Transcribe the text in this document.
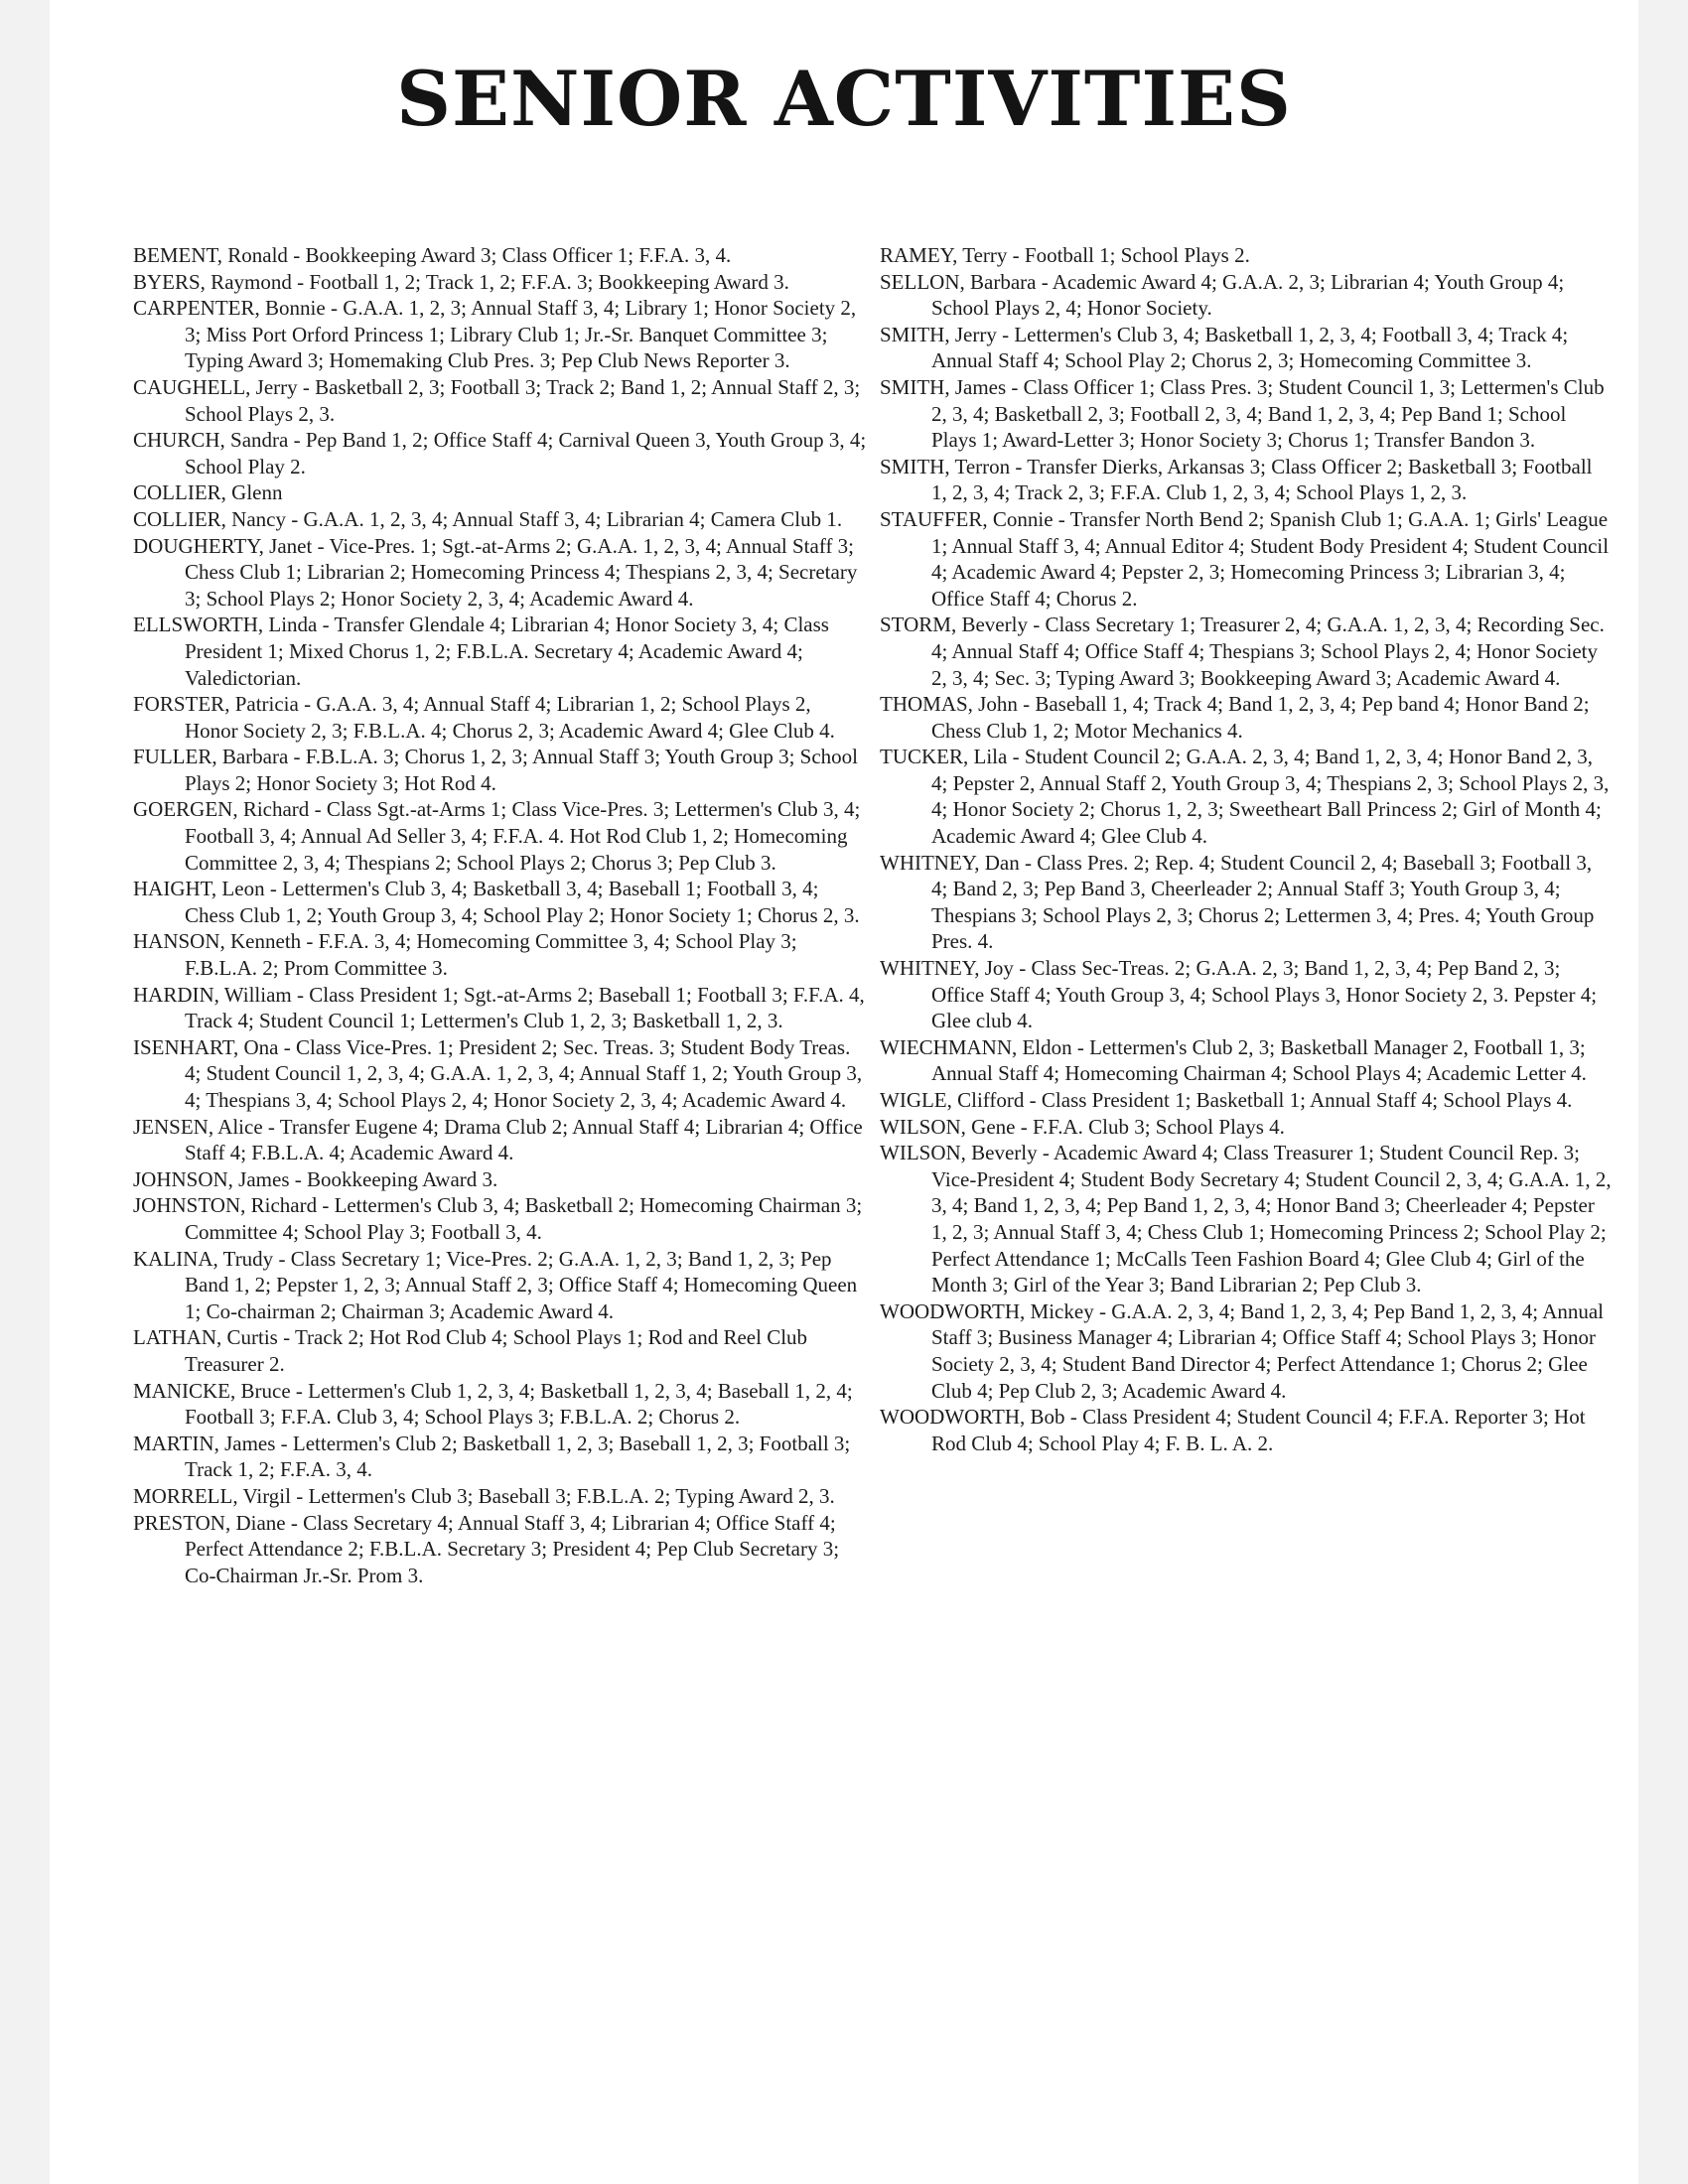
SENIOR ACTIVITIES

BEMENT, Ronald - Bookkeeping Award 3; Class Officer 1; F.F.A. 3, 4.

BYERS, Raymond - Football 1, 2; Track 1, 2; F.F.A. 3; Bookkeeping Award 3.

CARPENTER, Bonnie - G.A.A. 1, 2, 3; Annual Staff 3, 4; Library 1; Honor Society 2, 3; Miss Port Orford Princess 1; Library Club 1; Jr.-Sr. Banquet Committee 3; Typing Award 3; Homemaking Club Pres. 3; Pep Club News Reporter 3.

CAUGHELL, Jerry - Basketball 2, 3; Football 3; Track 2; Band 1, 2; Annual Staff 2, 3; School Plays 2, 3.

CHURCH, Sandra - Pep Band 1, 2; Office Staff 4; Carnival Queen 3, Youth Group 3, 4; School Play 2.

COLLIER, Glenn

COLLIER, Nancy - G.A.A. 1, 2, 3, 4; Annual Staff 3, 4; Librarian 4; Camera Club 1.

DOUGHERTY, Janet - Vice-Pres. 1; Sgt.-at-Arms 2; G.A.A. 1, 2, 3, 4; Annual Staff 3; Chess Club 1; Librarian 2; Homecoming Princess 4; Thespians 2, 3, 4; Secretary 3; School Plays 2; Honor Society 2, 3, 4; Academic Award 4.

ELLSWORTH, Linda - Transfer Glendale 4; Librarian 4; Honor Society 3, 4; Class President 1; Mixed Chorus 1, 2; F.B.L.A. Secretary 4; Academic Award 4; Valedictorian.

FORSTER, Patricia - G.A.A. 3, 4; Annual Staff 4; Librarian 1, 2; School Plays 2, Honor Society 2, 3; F.B.L.A. 4; Chorus 2, 3; Academic Award 4; Glee Club 4.

FULLER, Barbara - F.B.L.A. 3; Chorus 1, 2, 3; Annual Staff 3; Youth Group 3; School Plays 2; Honor Society 3; Hot Rod 4.

GOERGEN, Richard - Class Sgt.-at-Arms 1; Class Vice-Pres. 3; Lettermen's Club 3, 4; Football 3, 4; Annual Ad Seller 3, 4; F.F.A. 4. Hot Rod Club 1, 2; Homecoming Committee 2, 3, 4; Thespians 2; School Plays 2; Chorus 3; Pep Club 3.

HAIGHT, Leon - Lettermen's Club 3, 4; Basketball 3, 4; Baseball 1; Football 3, 4; Chess Club 1, 2; Youth Group 3, 4; School Play 2; Honor Society 1; Chorus 2, 3.

HANSON, Kenneth - F.F.A. 3, 4; Homecoming Committee 3, 4; School Play 3; F.B.L.A. 2; Prom Committee 3.

HARDIN, William - Class President 1; Sgt.-at-Arms 2; Baseball 1; Football 3; F.F.A. 4, Track 4; Student Council 1; Lettermen's Club 1, 2, 3; Basketball 1, 2, 3.

ISENHART, Ona - Class Vice-Pres. 1; President 2; Sec. Treas. 3; Student Body Treas. 4; Student Council 1, 2, 3, 4; G.A.A. 1, 2, 3, 4; Annual Staff 1, 2; Youth Group 3, 4; Thespians 3, 4; School Plays 2, 4; Honor Society 2, 3, 4; Academic Award 4.

JENSEN, Alice - Transfer Eugene 4; Drama Club 2; Annual Staff 4; Librarian 4; Office Staff 4; F.B.L.A. 4; Academic Award 4.

JOHNSON, James - Bookkeeping Award 3.

JOHNSTON, Richard - Lettermen's Club 3, 4; Basketball 2; Homecoming Chairman 3; Committee 4; School Play 3; Football 3, 4.

KALINA, Trudy - Class Secretary 1; Vice-Pres. 2; G.A.A. 1, 2, 3; Band 1, 2, 3; Pep Band 1, 2; Pepster 1, 2, 3; Annual Staff 2, 3; Office Staff 4; Homecoming Queen 1; Co-chairman 2; Chairman 3; Academic Award 4.

LATHAN, Curtis - Track 2; Hot Rod Club 4; School Plays 1; Rod and Reel Club Treasurer 2.

MANICKE, Bruce - Lettermen's Club 1, 2, 3, 4; Basketball 1, 2, 3, 4; Baseball 1, 2, 4; Football 3; F.F.A. Club 3, 4; School Plays 3; F.B.L.A. 2; Chorus 2.

MARTIN, James - Lettermen's Club 2; Basketball 1, 2, 3; Baseball 1, 2, 3; Football 3; Track 1, 2; F.F.A. 3, 4.

MORRELL, Virgil - Lettermen's Club 3; Baseball 3; F.B.L.A. 2; Typing Award 2, 3.

PRESTON, Diane - Class Secretary 4; Annual Staff 3, 4; Librarian 4; Office Staff 4; Perfect Attendance 2; F.B.L.A. Secretary 3; President 4; Pep Club Secretary 3; Co-Chairman Jr.-Sr. Prom 3.

RAMEY, Terry - Football 1; School Plays 2.

SELLON, Barbara - Academic Award 4; G.A.A. 2, 3; Librarian 4; Youth Group 4; School Plays 2, 4; Honor Society.

SMITH, Jerry - Lettermen's Club 3, 4; Basketball 1, 2, 3, 4; Football 3, 4; Track 4; Annual Staff 4; School Play 2; Chorus 2, 3; Homecoming Committee 3.

SMITH, James - Class Officer 1; Class Pres. 3; Student Council 1, 3; Lettermen's Club 2, 3, 4; Basketball 2, 3; Football 2, 3, 4; Band 1, 2, 3, 4; Pep Band 1; School Plays 1; Award-Letter 3; Honor Society 3; Chorus 1; Transfer Bandon 3.

SMITH, Terron - Transfer Dierks, Arkansas 3; Class Officer 2; Basketball 3; Football 1, 2, 3, 4; Track 2, 3; F.F.A. Club 1, 2, 3, 4; School Plays 1, 2, 3.

STAUFFER, Connie - Transfer North Bend 2; Spanish Club 1; G.A.A. 1; Girls' League 1; Annual Staff 3, 4; Annual Editor 4; Student Body President 4; Student Council 4; Academic Award 4; Pepster 2, 3; Homecoming Princess 3; Librarian 3, 4; Office Staff 4; Chorus 2.

STORM, Beverly - Class Secretary 1; Treasurer 2, 4; G.A.A. 1, 2, 3, 4; Recording Sec. 4; Annual Staff 4; Office Staff 4; Thespians 3; School Plays 2, 4; Honor Society 2, 3, 4; Sec. 3; Typing Award 3; Bookkeeping Award 3; Academic Award 4.

THOMAS, John - Baseball 1, 4; Track 4; Band 1, 2, 3, 4; Pep band 4; Honor Band 2; Chess Club 1, 2; Motor Mechanics 4.

TUCKER, Lila - Student Council 2; G.A.A. 2, 3, 4; Band 1, 2, 3, 4; Honor Band 2, 3, 4; Pepster 2, Annual Staff 2, Youth Group 3, 4; Thespians 2, 3; School Plays 2, 3, 4; Honor Society 2; Chorus 1, 2, 3; Sweetheart Ball Princess 2; Girl of Month 4; Academic Award 4; Glee Club 4.

WHITNEY, Dan - Class Pres. 2; Rep. 4; Student Council 2, 4; Baseball 3; Football 3, 4; Band 2, 3; Pep Band 3, Cheerleader 2; Annual Staff 3; Youth Group 3, 4; Thespians 3; School Plays 2, 3; Chorus 2; Lettermen 3, 4; Pres. 4; Youth Group Pres. 4.

WHITNEY, Joy - Class Sec-Treas. 2; G.A.A. 2, 3; Band 1, 2, 3, 4; Pep Band 2, 3; Office Staff 4; Youth Group 3, 4; School Plays 3, Honor Society 2, 3. Pepster 4; Glee club 4.

WIECHMANN, Eldon - Lettermen's Club 2, 3; Basketball Manager 2, Football 1, 3; Annual Staff 4; Homecoming Chairman 4; School Plays 4; Academic Letter 4.

WIGLE, Clifford - Class President 1; Basketball 1; Annual Staff 4; School Plays 4.

WILSON, Gene - F.F.A. Club 3; School Plays 4.

WILSON, Beverly - Academic Award 4; Class Treasurer 1; Student Council Rep. 3; Vice-President 4; Student Body Secretary 4; Student Council 2, 3, 4; G.A.A. 1, 2, 3, 4; Band 1, 2, 3, 4; Pep Band 1, 2, 3, 4; Honor Band 3; Cheerleader 4; Pepster 1, 2, 3; Annual Staff 3, 4; Chess Club 1; Homecoming Princess 2; School Play 2; Perfect Attendance 1; McCalls Teen Fashion Board 4; Glee Club 4; Girl of the Month 3; Girl of the Year 3; Band Librarian 2; Pep Club 3.

WOODWORTH, Mickey - G.A.A. 2, 3, 4; Band 1, 2, 3, 4; Pep Band 1, 2, 3, 4; Annual Staff 3; Business Manager 4; Librarian 4; Office Staff 4; School Plays 3; Honor Society 2, 3, 4; Student Band Director 4; Perfect Attendance 1; Chorus 2; Glee Club 4; Pep Club 2, 3; Academic Award 4.

WOODWORTH, Bob - Class President 4; Student Council 4; F.F.A. Reporter 3; Hot Rod Club 4; School Play 4; F. B. L. A. 2.
